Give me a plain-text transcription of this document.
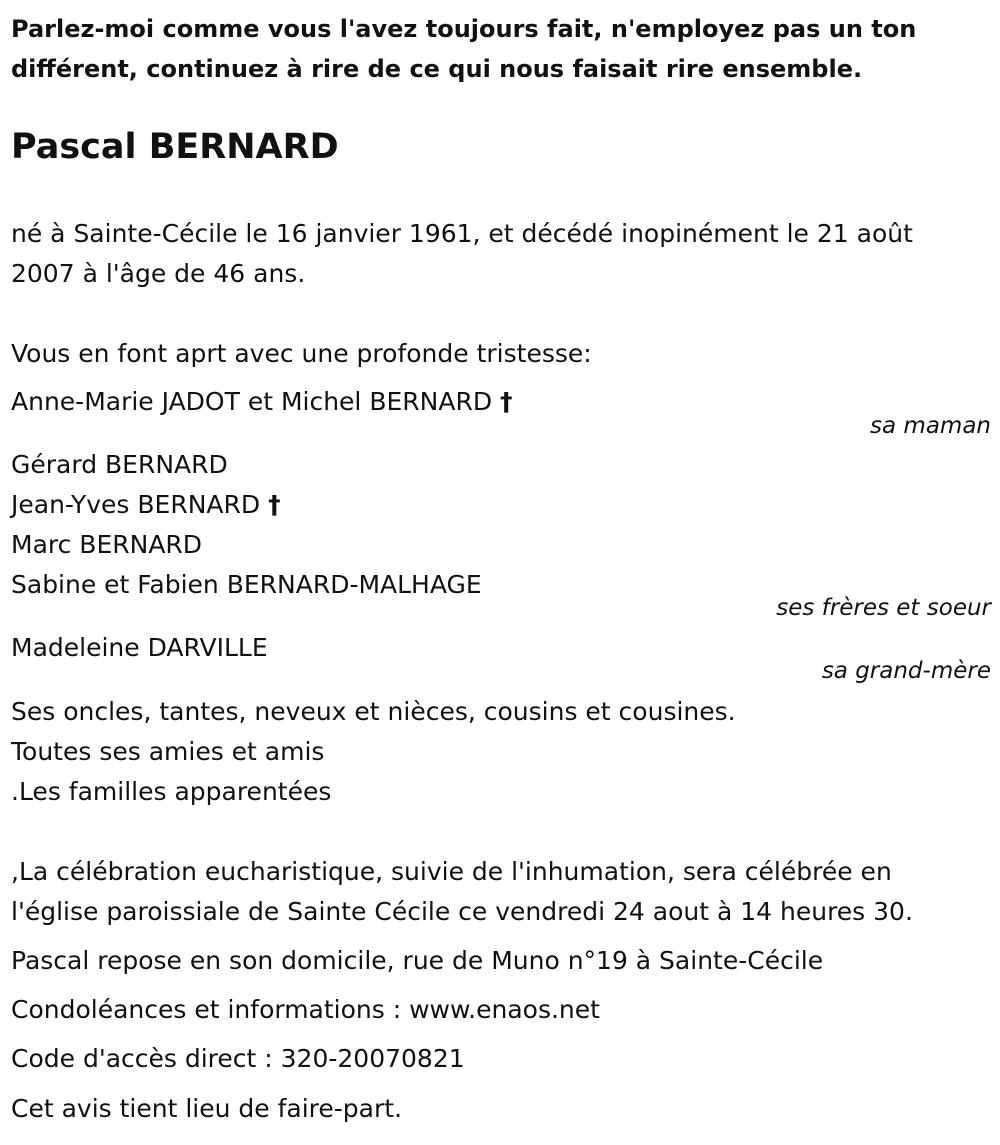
Parlez-moi comme vous l'avez toujours fait, n'employez pas un ton différent, continuez à rire de ce qui nous faisait rire ensemble.
Pascal BERNARD
né à Sainte-Cécile le 16 janvier 1961, et décédé inopinément le 21 août 2007 à l'âge de 46 ans.
Vous en font aprt avec une profonde tristesse:
Anne-Marie JADOT et Michel BERNARD †
sa maman
Gérard BERNARD
Jean-Yves BERNARD †
Marc BERNARD
Sabine et Fabien BERNARD-MALHAGE
ses frères et soeur
Madeleine DARVILLE
sa grand-mère
Ses oncles, tantes, neveux et nièces, cousins et cousines.
Toutes ses amies et amis
.Les familles apparentées
,La célébration eucharistique, suivie de l'inhumation, sera célébrée en l'église paroissiale de Sainte Cécile ce vendredi 24 aout à 14 heures 30.
Pascal repose en son domicile, rue de Muno n°19 à Sainte-Cécile
Condoléances et informations : www.enaos.net
Code d'accès direct : 320-20070821
Cet avis tient lieu de faire-part.
